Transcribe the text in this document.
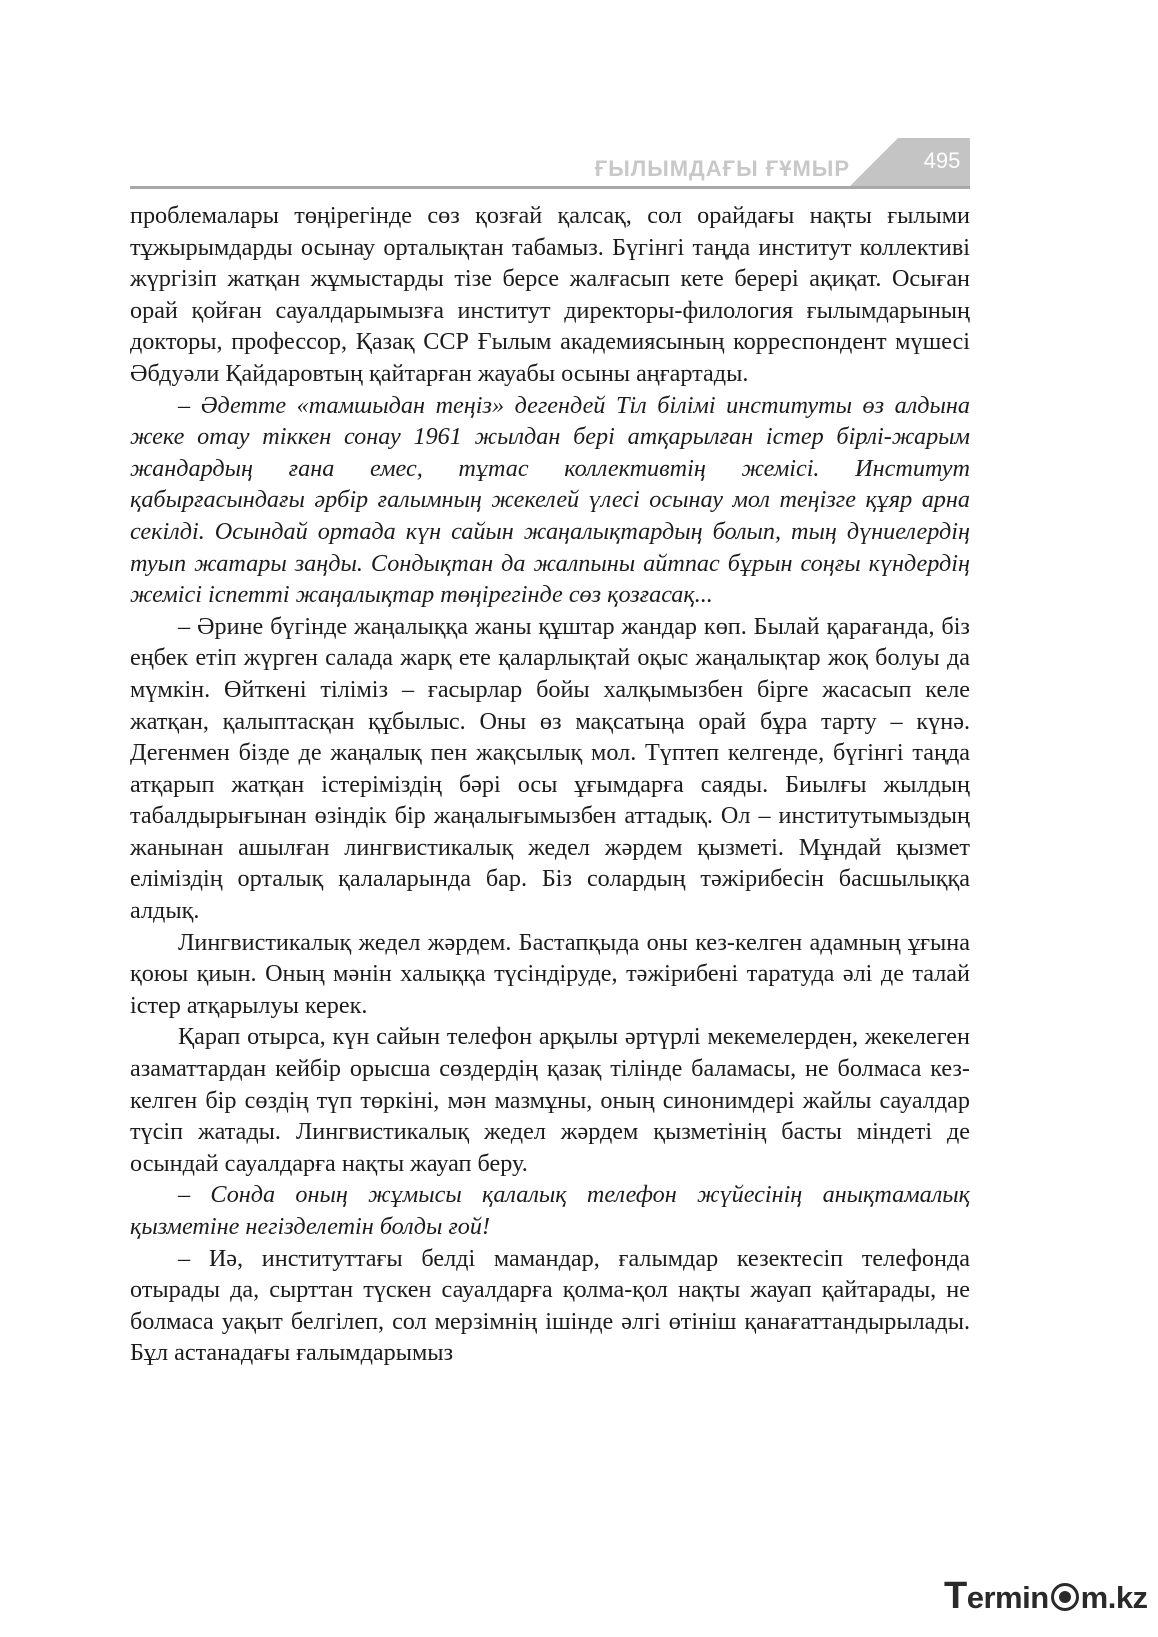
ҒЫЛЫМДАҒЫ ҒҰМЫР	495

проблемалары төңірегінде сөз қозғай қалсақ, сол орайдағы нақты ғылыми тұжырымдарды осынау орталықтан табамыз. Бүгінгі таңда институт коллективі жүргізіп жатқан жұмыстарды тізе берсе жалғасып кете берері ақиқат. Осыған орай қойған сауалдарымызға институт директоры-филология ғылымдарының докторы, профессор, Қазақ ССР Ғылым академиясының корреспондент мүшесі Әбдуәли Қайдаровтың қайтарған жауабы осыны аңғартады.

– Әдетте «тамшыдан теңіз» дегендей Тіл білімі институты өз алдына жеке отау тіккен сонау 1961 жылдан бері атқарылған істер бірлі-жарым жандардың ғана емес, тұтас коллективтің жемісі. Институт қабырғасындағы әрбір ғалымның жекелей үлесі осынау мол теңізге құяр арна секілді. Осындай ортада күн сайын жаңалықтардың болып, тың дүниелердің туып жатары заңды. Сондықтан да жалпыны айтпас бұрын соңғы күндердің жемісі іспетті жаңалықтар төңірегінде сөз қозғасақ...

– Әрине бүгінде жаңалыққа жаны құштар жандар көп. Былай қарағанда, біз еңбек етіп жүрген салада жарқ ете қаларлықтай оқыс жаңалықтар жоқ болуы да мүмкін. Өйткені тіліміз – ғасырлар бойы халқымызбен бірге жасасып келе жатқан, қалыптасқан құбылыс. Оны өз мақсатыңа орай бұра тарту – күнә. Дегенмен бізде де жаңалық пен жақсылық мол. Түптеп келгенде, бүгінгі таңда атқарып жатқан істеріміздің бәрі осы ұғымдарға саяды. Биылғы жылдың табалдырығынан өзіндік бір жаңалығымызбен аттадық. Ол – институтымыздың жанынан ашылған лингвистикалық жедел жәрдем қызметі. Мұндай қызмет еліміздің орталық қалаларында бар. Біз солардың тәжірибесін басшылыққа алдық.

Лингвистикалық жедел жәрдем. Бастапқыда оны кез-келген адамның ұғына қоюы қиын. Оның мәнін халыққа түсіндіруде, тәжірибені таратуда әлі де талай істер атқарылуы керек.

Қарап отырса, күн сайын телефон арқылы әртүрлі мекемелерден, жекелеген азаматтардан кейбір орысша сөздердің қазақ тілінде баламасы, не болмаса кез-келген бір сөздің түп төркіні, мән мазмұны, оның синонимдері жайлы сауалдар түсіп жатады. Лингвистикалық жедел жәрдем қызметінің басты міндеті де осындай сауалдарға нақты жауап беру.

– Сонда оның жұмысы қалалық телефон жүйесінің анықтамалық қызметіне негізделетін болды ғой!

– Иә, институттағы белді мамандар, ғалымдар кезектесіп телефонда отырады да, сырттан түскен сауалдарға қолма-қол нақты жауап қайтарады, не болмаса уақыт белгілеп, сол мерзімнің ішінде әлгі өтініш қанағаттандырылады. Бұл астанадағы ғалымдарымыз

Termin m.kz
